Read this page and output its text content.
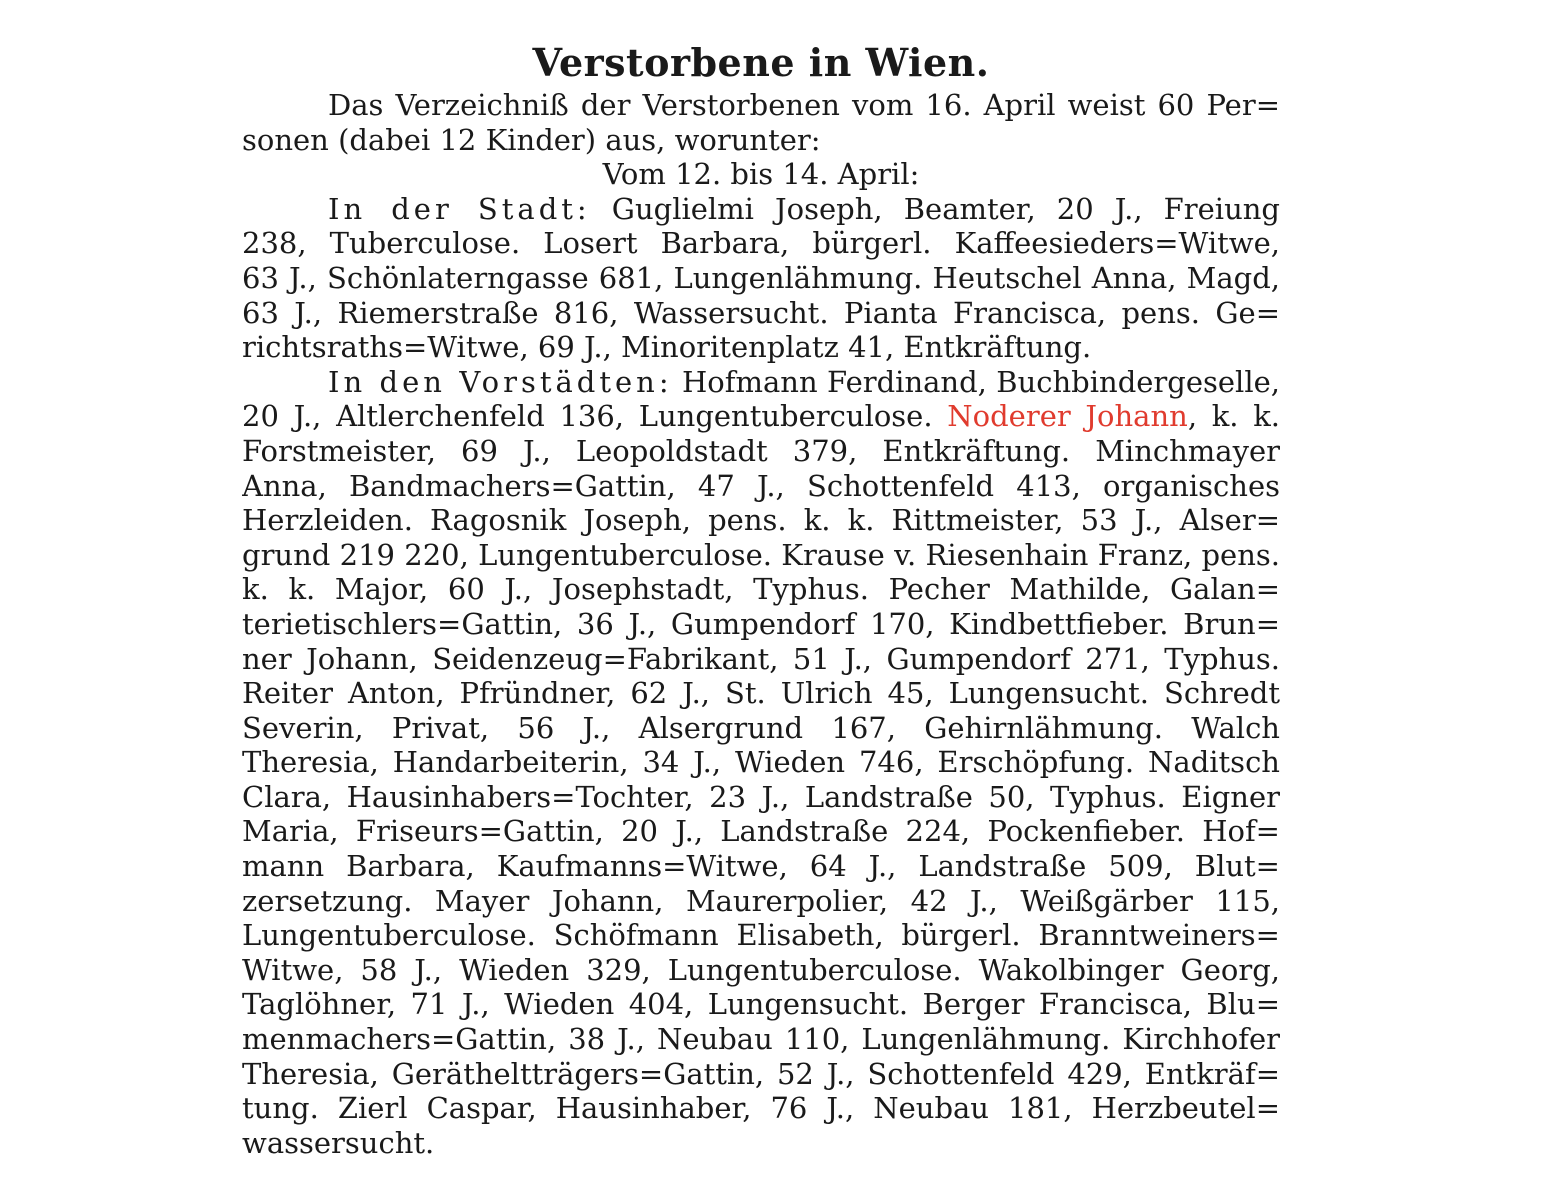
Verstorbene in Wien.
Das Verzeichniß der Verstorbenen vom 16. April weist 60 Per=
sonen (dabei 12 Kinder) aus, worunter:
Vom 12. bis 14. April:
In der Stadt: Guglielmi Joseph, Beamter, 20 J., Freiung
238, Tuberculose. Losert Barbara, bürgerl. Kaffeesieders=Witwe,
63 J., Schönlaterngasse 681, Lungenlähmung. Heutschel Anna, Magd,
63 J., Riemerstraße 816, Wassersucht. Pianta Francisca, pens. Ge=
richtsraths=Witwe, 69 J., Minoritenplatz 41, Entkräftung.
In den Vorstädten: Hofmann Ferdinand, Buchbindergeselle,
20 J., Altlerchenfeld 136, Lungentuberculose. Noderer Johann, k. k.
Forstmeister, 69 J., Leopoldstadt 379, Entkräftung. Minchmayer
Anna, Bandmachers=Gattin, 47 J., Schottenfeld 413, organisches
Herzleiden. Ragosnik Joseph, pens. k. k. Rittmeister, 53 J., Alser=
grund 219 220, Lungentuberculose. Krause v. Riesenhain Franz, pens.
k. k. Major, 60 J., Josephstadt, Typhus. Pecher Mathilde, Galan=
terietischlers=Gattin, 36 J., Gumpendorf 170, Kindbettfieber. Brun=
ner Johann, Seidenzeug=Fabrikant, 51 J., Gumpendorf 271, Typhus.
Reiter Anton, Pfründner, 62 J., St. Ulrich 45, Lungensucht. Schredt
Severin, Privat, 56 J., Alsergrund 167, Gehirnlähmung. Walch
Theresia, Handarbeiterin, 34 J., Wieden 746, Erschöpfung. Naditsch
Clara, Hausinhabers=Tochter, 23 J., Landstraße 50, Typhus. Eigner
Maria, Friseurs=Gattin, 20 J., Landstraße 224, Pockenfieber. Hof=
mann Barbara, Kaufmanns=Witwe, 64 J., Landstraße 509, Blut=
zersetzung. Mayer Johann, Maurerpolier, 42 J., Weißgärber 115,
Lungentuberculose. Schöfmann Elisabeth, bürgerl. Branntweiners=
Witwe, 58 J., Wieden 329, Lungentuberculose. Wakolbinger Georg,
Taglöhner, 71 J., Wieden 404, Lungensucht. Berger Francisca, Blu=
menmachers=Gattin, 38 J., Neubau 110, Lungenlähmung. Kirchhofer
Theresia, Gerätheltträgers=Gattin, 52 J., Schottenfeld 429, Entkräf=
tung. Zierl Caspar, Hausinhaber, 76 J., Neubau 181, Herzbeutel=
wassersucht.
